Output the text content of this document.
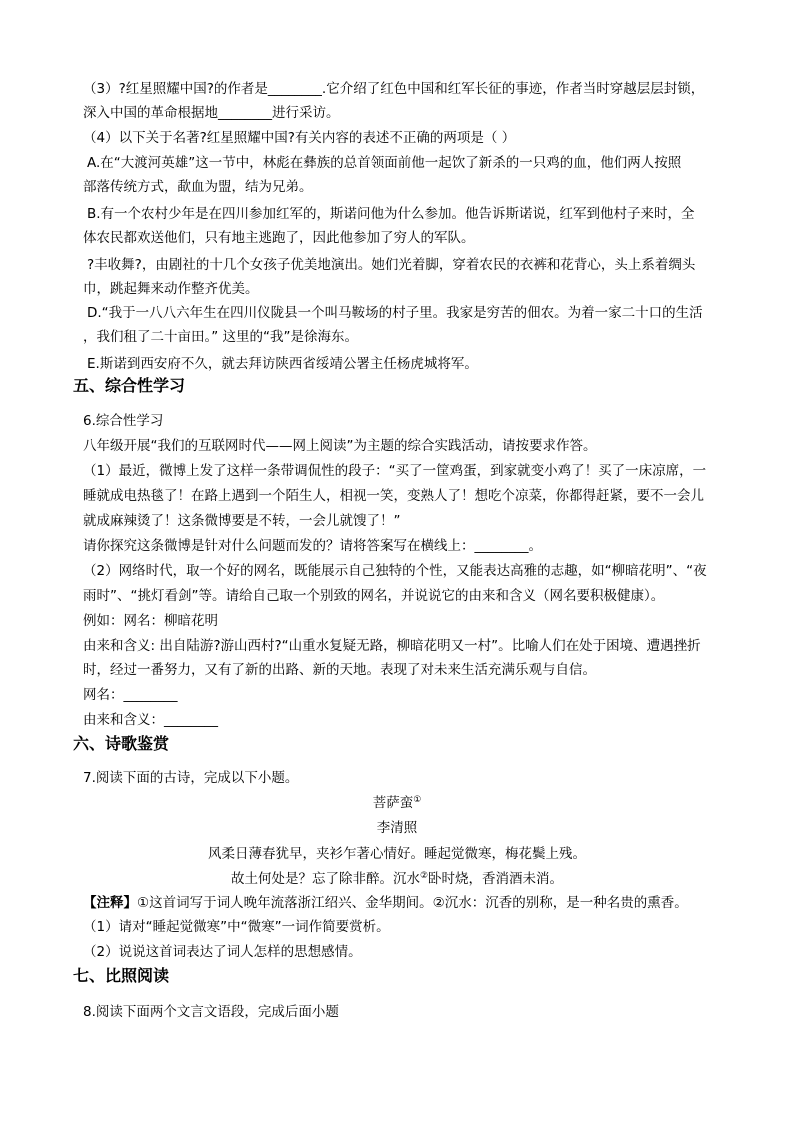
（3）?红星照耀中国?的作者是________.它介绍了红色中国和红军长征的事迹，作者当时穿越层层封锁，
深入中国的革命根据地________进行采访。
（4）以下关于名著?红星照耀中国?有关内容的表述不正确的两项是（ ）
A.在“大渡河英雄”这一节中，林彪在彝族的总首领面前他一起饮了新杀的一只鸡的血，他们两人按照
部落传统方式，歃血为盟，结为兄弟。
B.有一个农村少年是在四川参加红军的，斯诺问他为什么参加。他告诉斯诺说，红军到他村子来时，全
体农民都欢送他们，只有地主逃跑了，因此他参加了穷人的军队。
?丰收舞?，由剧社的十几个女孩子优美地演出。她们光着脚，穿着农民的衣裤和花背心，头上系着绸头
巾，跳起舞来动作整齐优美。
D.“我于一八八六年生在四川仪陇县一个叫马鞍场的村子里。我家是穷苦的佃农。为着一家二十口的生活
，我们租了二十亩田。” 这里的“我”是徐海东。
E.斯诺到西安府不久，就去拜访陕西省绥靖公署主任杨虎城将军。
五、综合性学习
6.综合性学习
八年级开展“我们的互联网时代——网上阅读”为主题的综合实践活动，请按要求作答。
（1）最近，微博上发了这样一条带调侃性的段子：“买了一筐鸡蛋，到家就变小鸡了！买了一床凉席，一
睡就成电热毯了！在路上遇到一个陌生人，相视一笑，变熟人了！想吃个凉菜，你都得赶紧，要不一会儿
就成麻辣烫了！这条微博要是不转，一会儿就馊了！”
请你探究这条微博是针对什么问题而发的？请将答案写在横线上：________。
（2）网络时代，取一个好的网名，既能展示自己独特的个性，又能表达高雅的志趣，如“柳暗花明”、“夜
雨时”、“挑灯看剑”等。请给自己取一个别致的网名，并说说它的由来和含义（网名要积极健康）。
例如：网名：柳暗花明
由来和含义: 出自陆游?游山西村?“山重水复疑无路，柳暗花明又一村”。比喻人们在处于困境、遭遇挫折
时，经过一番努力，又有了新的出路、新的天地。表现了对未来生活充满乐观与自信。
网名：________
由来和含义：________
六、诗歌鉴赏
7.阅读下面的古诗，完成以下小题。
菩萨蛮①
李清照
风柔日薄春犹早，夹衫乍著心情好。睡起觉微寒，梅花鬓上残。
故土何处是？忘了除非醉。沉水②卧时烧，香消酒未消。
【注释】①这首词写于词人晚年流落浙江绍兴、金华期间。②沉水：沉香的别称，是一种名贵的熏香。
（1）请对“睡起觉微寒”中“微寒”一词作简要赏析。
（2）说说这首词表达了词人怎样的思想感情。
七、比照阅读
8.阅读下面两个文言文语段，完成后面小题
